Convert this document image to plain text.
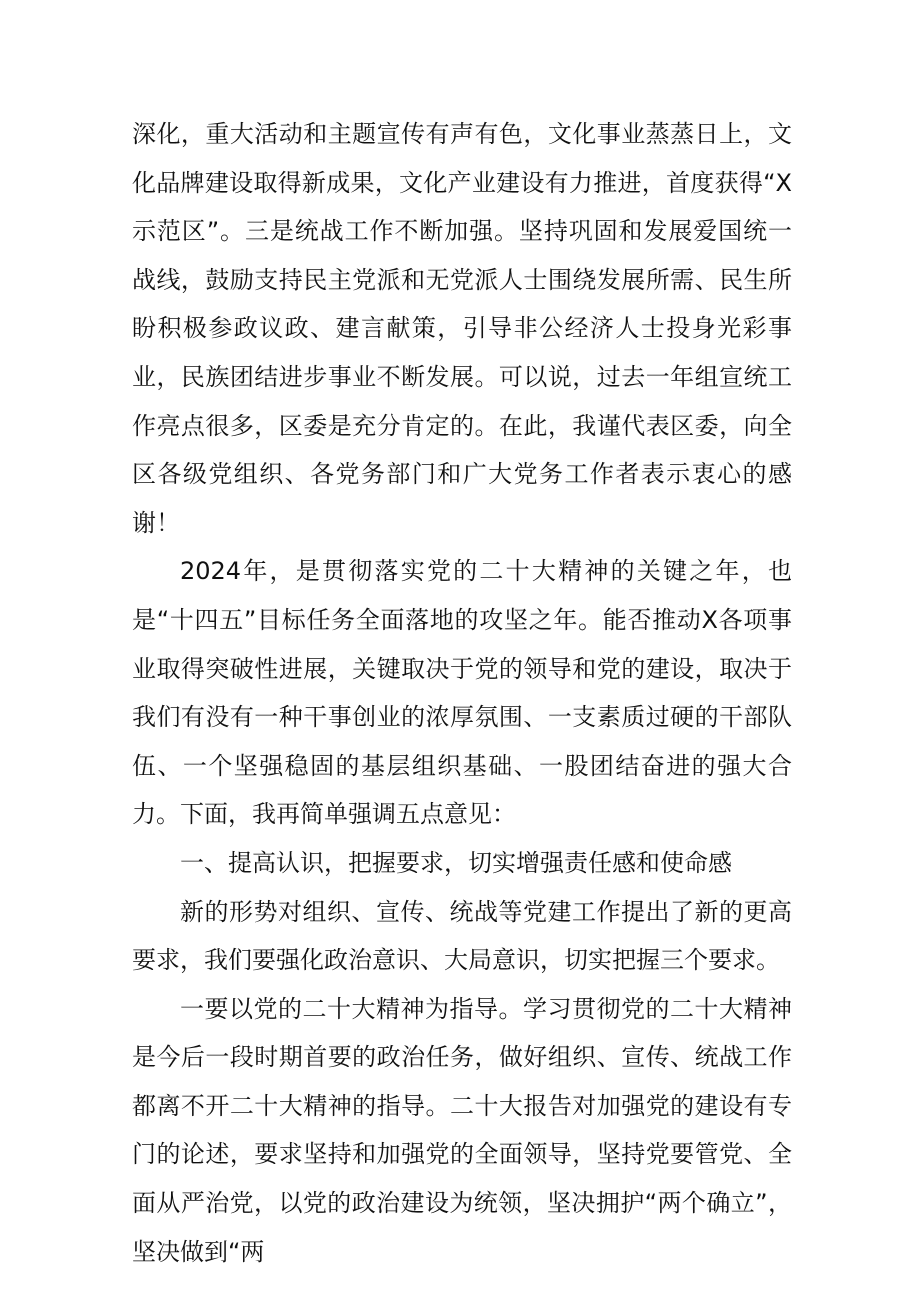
深化，重大活动和主题宣传有声有色，文化事业蒸蒸日上，文化品牌建设取得新成果，文化产业建设有力推进，首度获得“X示范区”。三是统战工作不断加强。坚持巩固和发展爱国统一战线，鼓励支持民主党派和无党派人士围绕发展所需、民生所盼积极参政议政、建言献策，引导非公经济人士投身光彩事业，民族团结进步事业不断发展。可以说，过去一年组宣统工作亮点很多，区委是充分肯定的。在此，我谨代表区委，向全区各级党组织、各党务部门和广大党务工作者表示衷心的感谢！

2024年，是贯彻落实党的二十大精神的关键之年，也是“十四五”目标任务全面落地的攻坚之年。能否推动X各项事业取得突破性进展，关键取决于党的领导和党的建设，取决于我们有没有一种干事创业的浓厚氛围、一支素质过硬的干部队伍、一个坚强稳固的基层组织基础、一股团结奋进的强大合力。下面，我再简单强调五点意见：

一、提高认识，把握要求，切实增强责任感和使命感

新的形势对组织、宣传、统战等党建工作提出了新的更高要求，我们要强化政治意识、大局意识，切实把握三个要求。

一要以党的二十大精神为指导。学习贯彻党的二十大精神是今后一段时期首要的政治任务，做好组织、宣传、统战工作都离不开二十大精神的指导。二十大报告对加强党的建设有专门的论述，要求坚持和加强党的全面领导，坚持党要管党、全面从严治党，以党的政治建设为统领，坚决拥护“两个确立”，坚决做到“两
